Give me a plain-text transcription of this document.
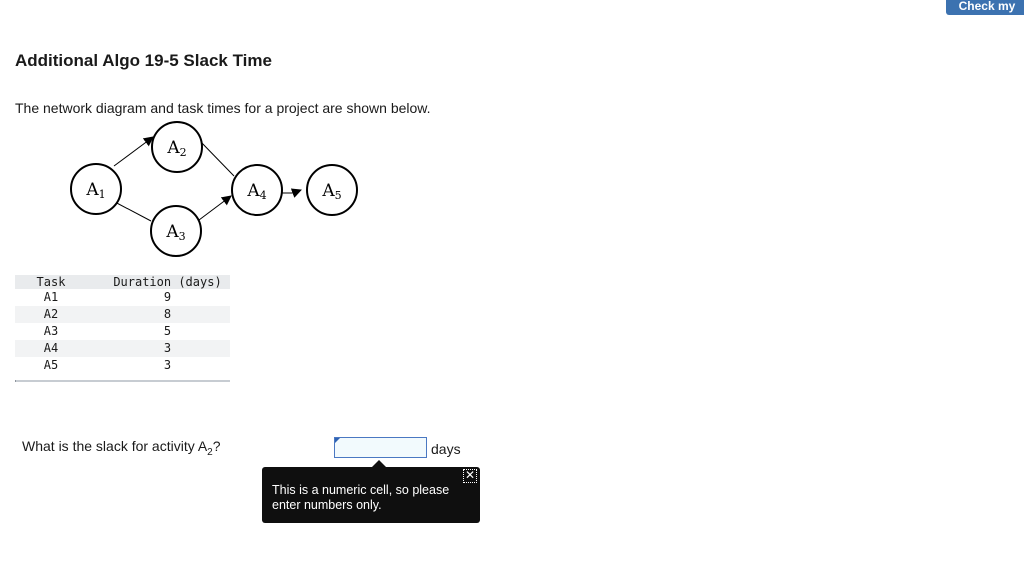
Check my
Additional Algo 19-5 Slack Time
The network diagram and task times for a project are shown below.
A1
A2
A3
A4	A5
Task	Duration (days)
A1	9
A2	8
A3	5
A4	3
A5	3
What is the slack for activity $A_2$?	days
✕
This is a numeric cell, so please enter numbers only.
